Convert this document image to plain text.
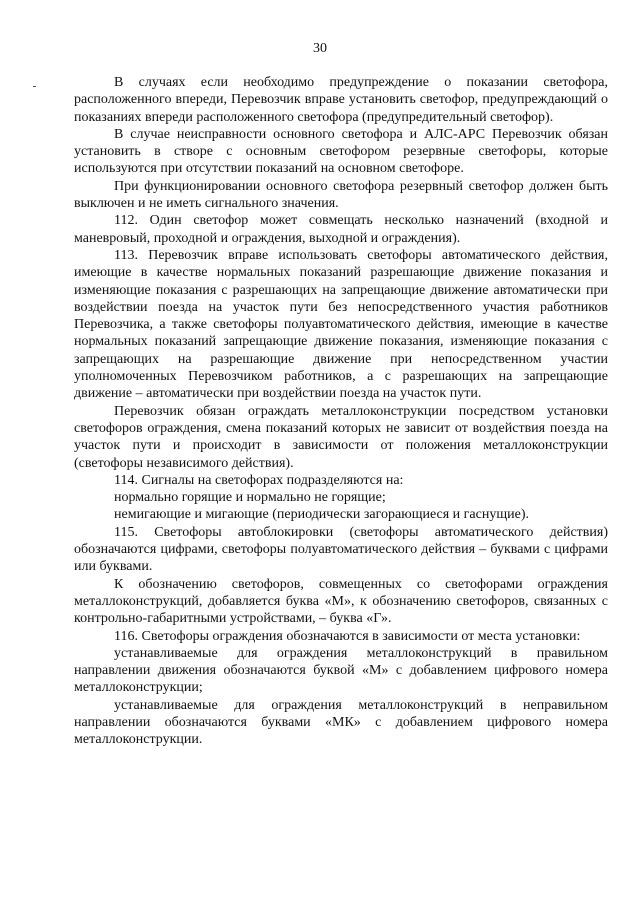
30

В случаях если необходимо предупреждение о показании светофора, расположенного впереди, Перевозчик вправе установить светофор, предупреждающий о показаниях впереди расположенного светофора (предупредительный светофор).

В случае неисправности основного светофора и АЛС-АРС Перевозчик обязан установить в створе с основным светофором резервные светофоры, которые используются при отсутствии показаний на основном светофоре.

При функционировании основного светофора резервный светофор должен быть выключен и не иметь сигнального значения.

112. Один светофор может совмещать несколько назначений (входной и маневровый, проходной и ограждения, выходной и ограждения).

113. Перевозчик вправе использовать светофоры автоматического действия, имеющие в качестве нормальных показаний разрешающие движение показания и изменяющие показания с разрешающих на запрещающие движение автоматически при воздействии поезда на участок пути без непосредственного участия работников Перевозчика, а также светофоры полуавтоматического действия, имеющие в качестве нормальных показаний запрещающие движение показания, изменяющие показания с запрещающих на разрешающие движение при непосредственном участии уполномоченных Перевозчиком работников, а с разрешающих на запрещающие движение – автоматически при воздействии поезда на участок пути.

Перевозчик обязан ограждать металлоконструкции посредством установки светофоров ограждения, смена показаний которых не зависит от воздействия поезда на участок пути и происходит в зависимости от положения металлоконструкции (светофоры независимого действия).

114. Сигналы на светофорах подразделяются на:

нормально горящие и нормально не горящие;

немигающие и мигающие (периодически загорающиеся и гаснущие).

115. Светофоры автоблокировки (светофоры автоматического действия) обозначаются цифрами, светофоры полуавтоматического действия – буквами с цифрами или буквами.

К обозначению светофоров, совмещенных со светофорами ограждения металлоконструкций, добавляется буква «М», к обозначению светофоров, связанных с контрольно-габаритными устройствами, – буква «Г».

116. Светофоры ограждения обозначаются в зависимости от места установки:

устанавливаемые для ограждения металлоконструкций в правильном направлении движения обозначаются буквой «М» с добавлением цифрового номера металлоконструкции;

устанавливаемые для ограждения металлоконструкций в неправильном направлении обозначаются буквами «МК» с добавлением цифрового номера металлоконструкции.
